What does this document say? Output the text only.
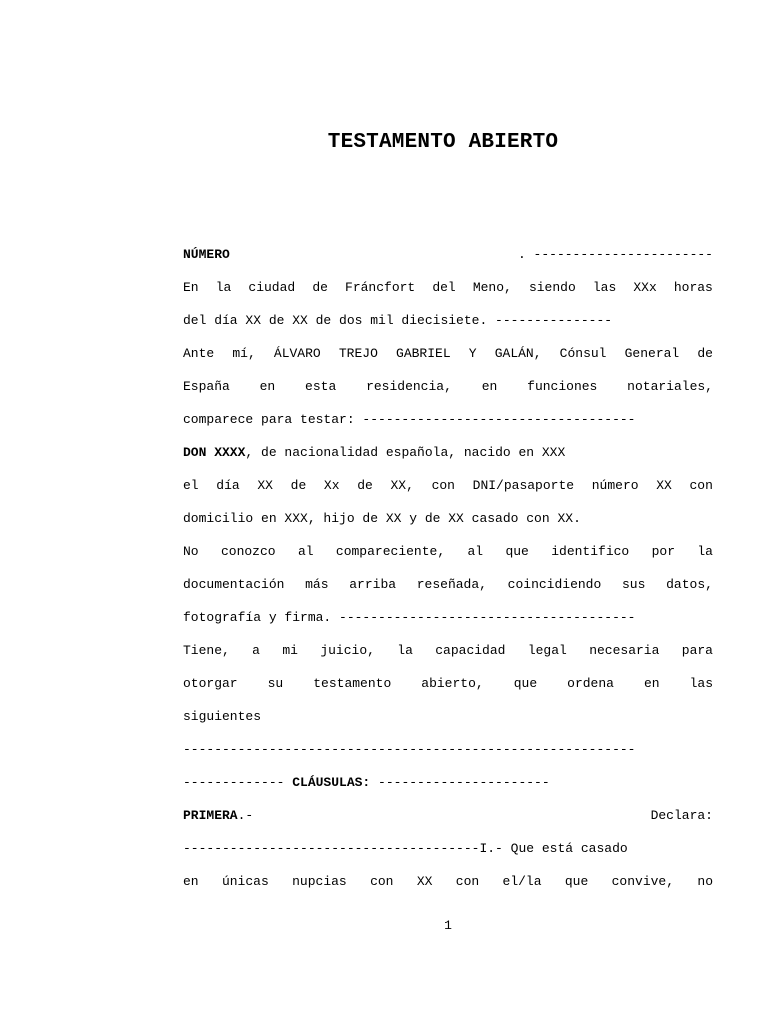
TESTAMENTO ABIERTO
NÚMERO	. -----------------------
En la ciudad de Fráncfort del Meno, siendo las XXx horas
del día XX de XX de dos mil diecisiete. ---------------
Ante mí, ÁLVARO TREJO GABRIEL Y GALÁN, Cónsul General de
España en esta residencia, en funciones notariales,
comparece para testar: -----------------------------------
DON XXXX, de nacionalidad española, nacido en XXX
el día XX de Xx de XX, con DNI/pasaporte número XX con
domicilio en XXX, hijo de XX y de XX casado con XX.
No conozco al compareciente, al que identifico por la
documentación más arriba reseñada, coincidiendo sus datos,
fotografía y firma. --------------------------------------
Tiene, a mi juicio, la capacidad legal necesaria para
otorgar su testamento abierto, que ordena en las
siguientes
----------------------------------------------------------
------------- CLÁUSULAS: ----------------------
PRIMERA.-	Declara:
--------------------------------------I.- Que está casado
en únicas nupcias con XX con el/la que convive, no
1
